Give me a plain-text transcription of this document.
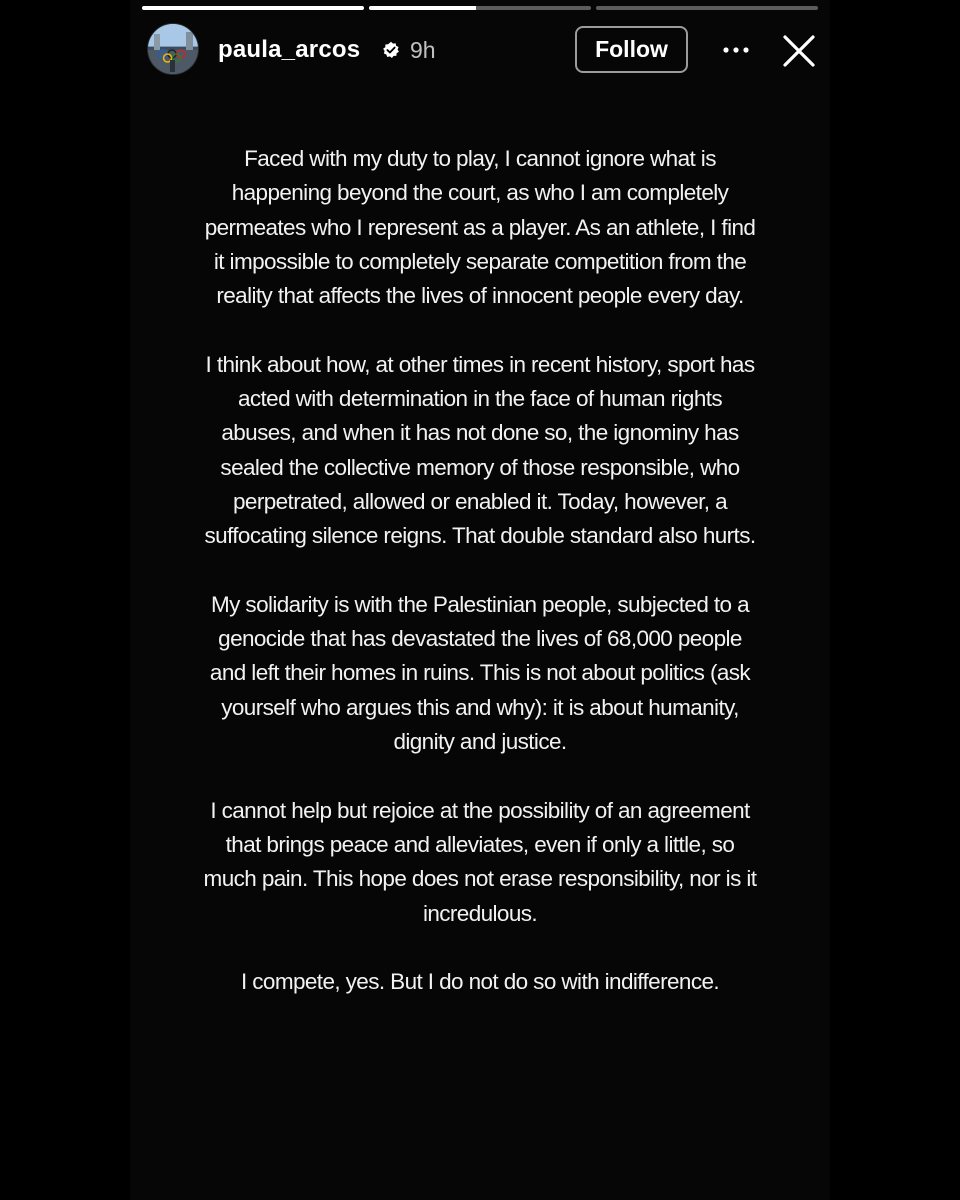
paula_arcos 9h	Follow

Faced with my duty to play, I cannot ignore what is happening beyond the court, as who I am completely permeates who I represent as a player. As an athlete, I find it impossible to completely separate competition from the reality that affects the lives of innocent people every day.

I think about how, at other times in recent history, sport has acted with determination in the face of human rights abuses, and when it has not done so, the ignominy has sealed the collective memory of those responsible, who perpetrated, allowed or enabled it. Today, however, a suffocating silence reigns. That double standard also hurts.

My solidarity is with the Palestinian people, subjected to a genocide that has devastated the lives of 68,000 people and left their homes in ruins. This is not about politics (ask yourself who argues this and why): it is about humanity, dignity and justice.

I cannot help but rejoice at the possibility of an agreement that brings peace and alleviates, even if only a little, so much pain. This hope does not erase responsibility, nor is it incredulous.

I compete, yes. But I do not do so with indifference.
